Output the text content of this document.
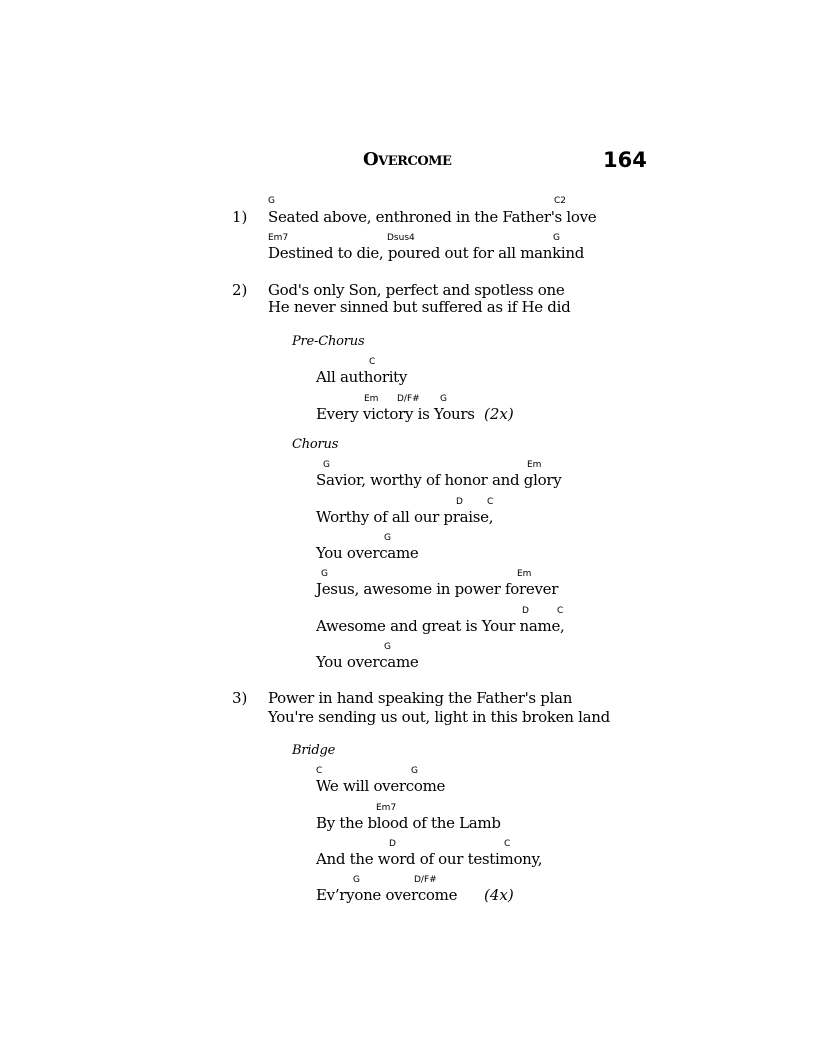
Overcome	164
1)
G	C2
Seated above, enthroned in the Father's love
Em7	Dsus4	G
Destined to die, poured out for all mankind
2) God's only Son, perfect and spotless one
He never sinned but suffered as if He did
Pre-Chorus
C
All authority
Em D/F# G
Every victory is Yours (2x)
Chorus
G	Em
Savior, worthy of honor and glory
D	C
Worthy of all our praise,
G
You overcame
G	Em
Jesus, awesome in power forever
D	C
Awesome and great is Your name,
G
You overcame
3) Power in hand speaking the Father's plan
You're sending us out, light in this broken land
Bridge
C	G
We will overcome
Em7
By the blood of the Lamb
D	C
And the word of our testimony,
G	D/F#
Ev’ryone overcome (4x)
